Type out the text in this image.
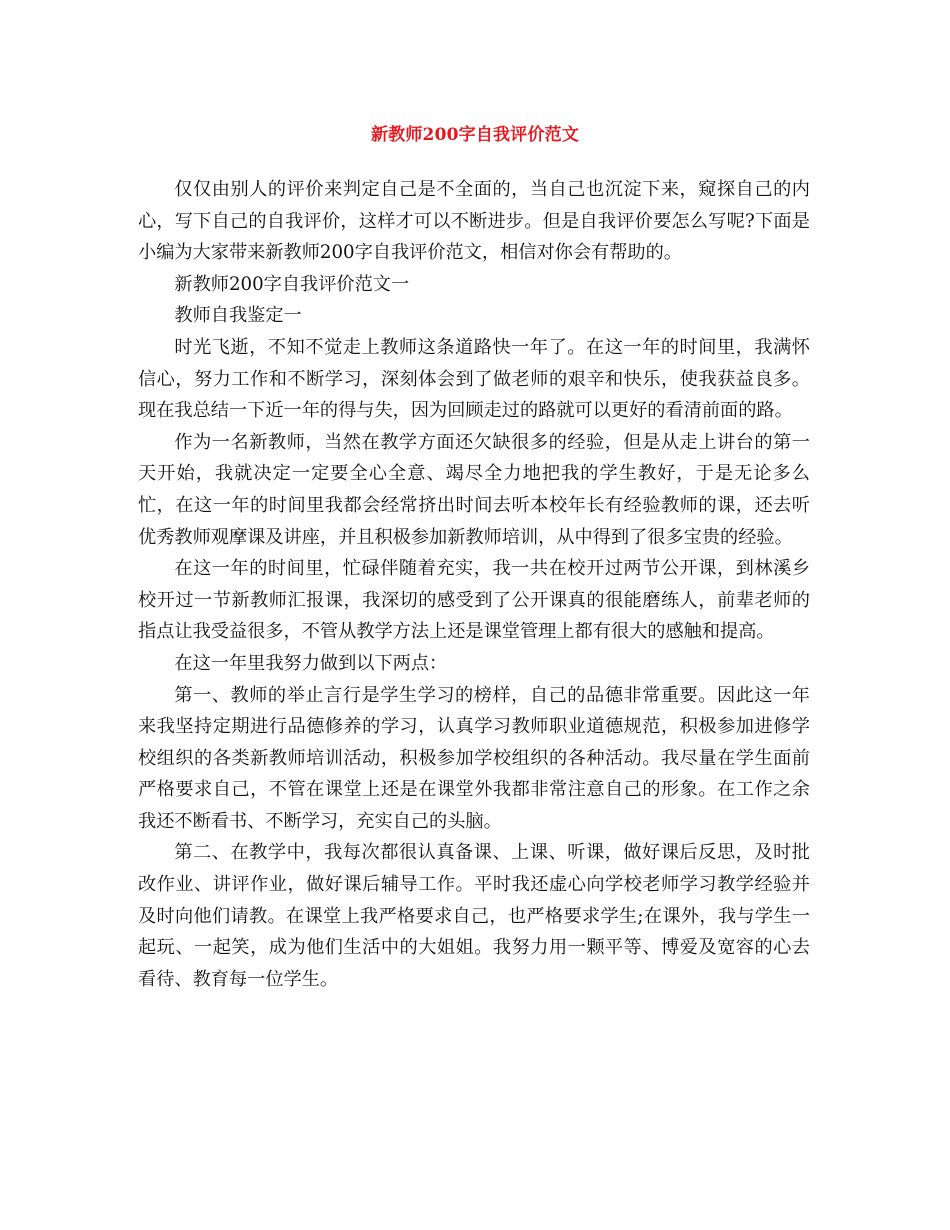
新教师200字自我评价范文

仅仅由别人的评价来判定自己是不全面的，当自己也沉淀下来，窥探自己的内心，写下自己的自我评价，这样才可以不断进步。但是自我评价要怎么写呢?下面是小编为大家带来新教师200字自我评价范文，相信对你会有帮助的。

新教师200字自我评价范文一

教师自我鉴定一

时光飞逝，不知不觉走上教师这条道路快一年了。在这一年的时间里，我满怀信心，努力工作和不断学习，深刻体会到了做老师的艰辛和快乐，使我获益良多。现在我总结一下近一年的得与失，因为回顾走过的路就可以更好的看清前面的路。

作为一名新教师，当然在教学方面还欠缺很多的经验，但是从走上讲台的第一天开始，我就决定一定要全心全意、竭尽全力地把我的学生教好，于是无论多么忙，在这一年的时间里我都会经常挤出时间去听本校年长有经验教师的课，还去听优秀教师观摩课及讲座，并且积极参加新教师培训，从中得到了很多宝贵的经验。

在这一年的时间里，忙碌伴随着充实，我一共在校开过两节公开课，到林溪乡校开过一节新教师汇报课，我深切的感受到了公开课真的很能磨练人，前辈老师的指点让我受益很多，不管从教学方法上还是课堂管理上都有很大的感触和提高。

在这一年里我努力做到以下两点：

第一、教师的举止言行是学生学习的榜样，自己的品德非常重要。因此这一年来我坚持定期进行品德修养的学习，认真学习教师职业道德规范，积极参加进修学校组织的各类新教师培训活动，积极参加学校组织的各种活动。我尽量在学生面前严格要求自己，不管在课堂上还是在课堂外我都非常注意自己的形象。在工作之余我还不断看书、不断学习，充实自己的头脑。

第二、在教学中，我每次都很认真备课、上课、听课，做好课后反思，及时批改作业、讲评作业，做好课后辅导工作。平时我还虚心向学校老师学习教学经验并及时向他们请教。在课堂上我严格要求自己，也严格要求学生;在课外，我与学生一起玩、一起笑，成为他们生活中的大姐姐。我努力用一颗平等、博爱及宽容的心去看待、教育每一位学生。
